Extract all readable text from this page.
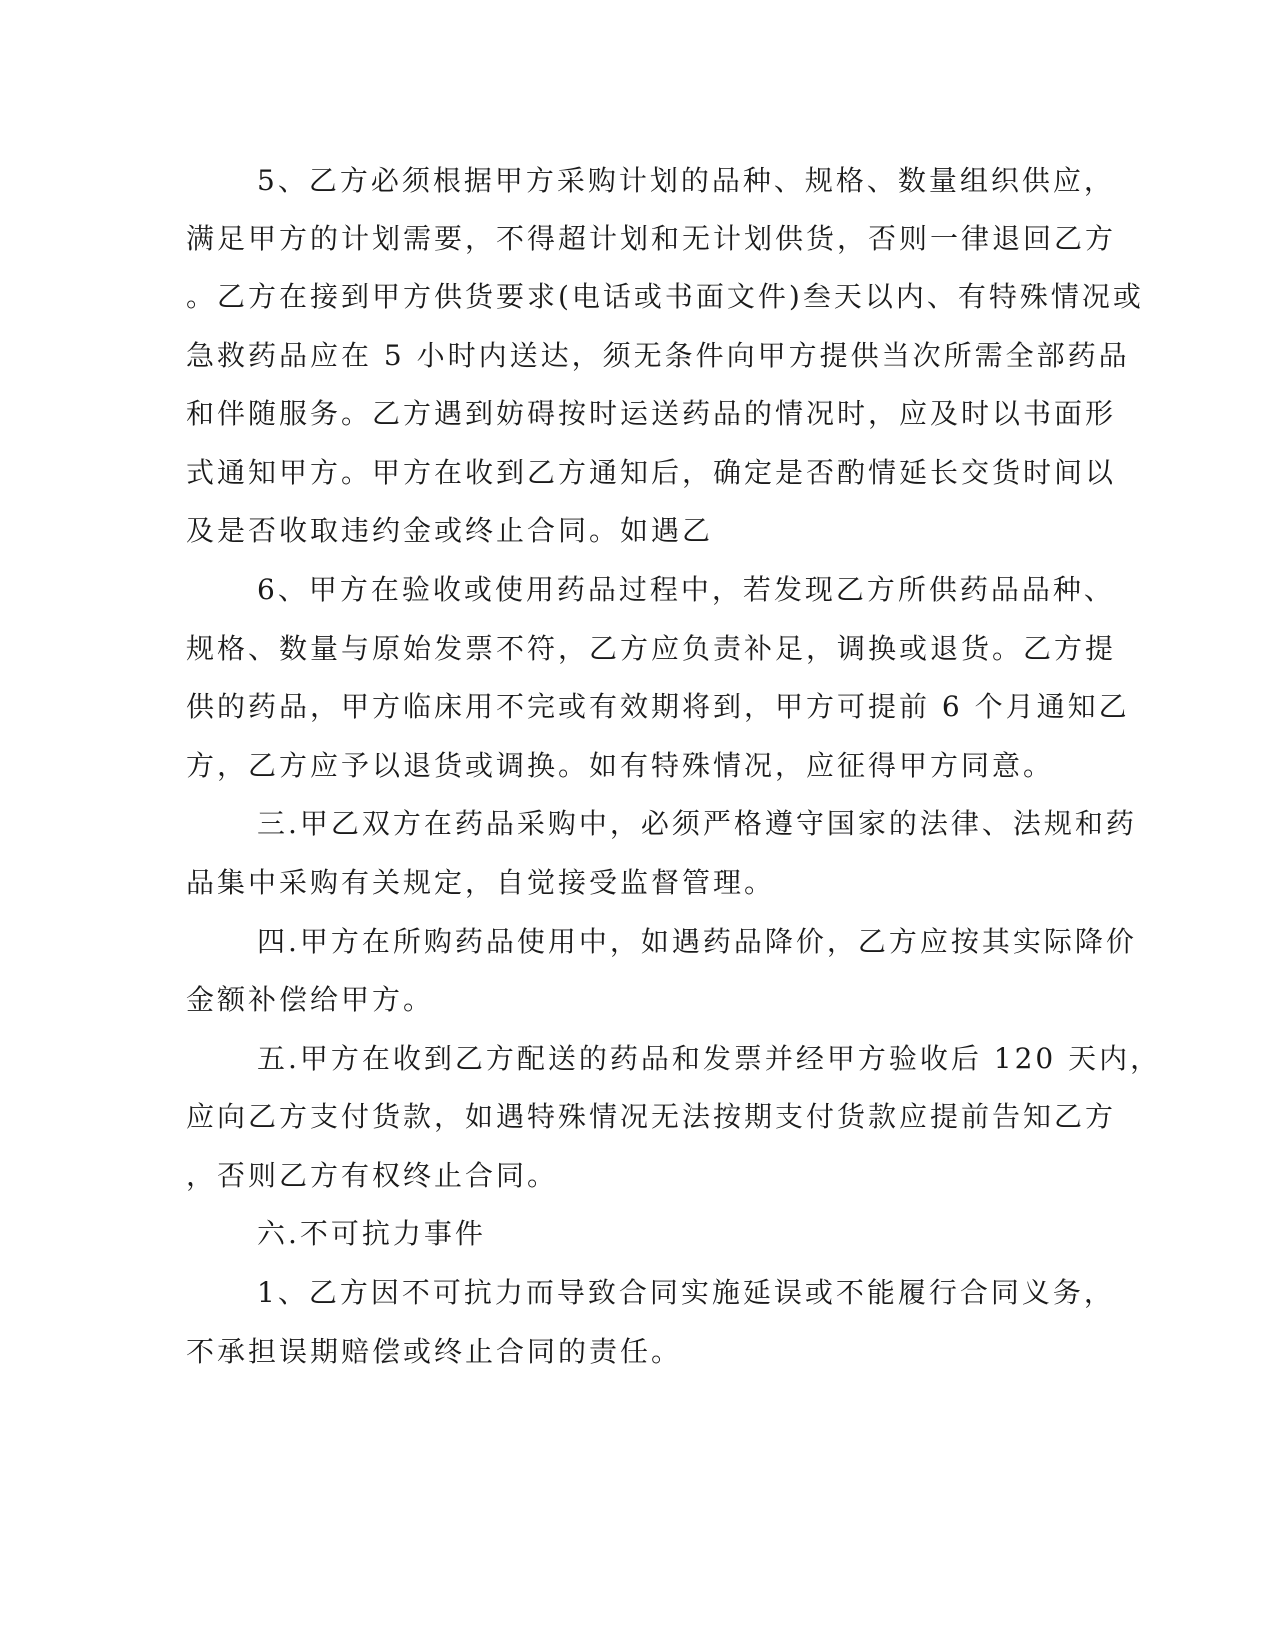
5、乙方必须根据甲方采购计划的品种、规格、数量组织供应，

满足甲方的计划需要，不得超计划和无计划供货，否则一律退回乙方

。乙方在接到甲方供货要求(电话或书面文件)叁天以内、有特殊情况或

急救药品应在 5 小时内送达，须无条件向甲方提供当次所需全部药品

和伴随服务。乙方遇到妨碍按时运送药品的情况时，应及时以书面形

式通知甲方。甲方在收到乙方通知后，确定是否酌情延长交货时间以

及是否收取违约金或终止合同。如遇乙

6、甲方在验收或使用药品过程中，若发现乙方所供药品品种、

规格、数量与原始发票不符，乙方应负责补足，调换或退货。乙方提

供的药品，甲方临床用不完或有效期将到，甲方可提前 6 个月通知乙

方，乙方应予以退货或调换。如有特殊情况，应征得甲方同意。

三.甲乙双方在药品采购中，必须严格遵守国家的法律、法规和药

品集中采购有关规定，自觉接受监督管理。

四.甲方在所购药品使用中，如遇药品降价，乙方应按其实际降价

金额补偿给甲方。

五.甲方在收到乙方配送的药品和发票并经甲方验收后 120 天内，

应向乙方支付货款，如遇特殊情况无法按期支付货款应提前告知乙方

，否则乙方有权终止合同。

六.不可抗力事件

1、乙方因不可抗力而导致合同实施延误或不能履行合同义务，

不承担误期赔偿或终止合同的责任。
